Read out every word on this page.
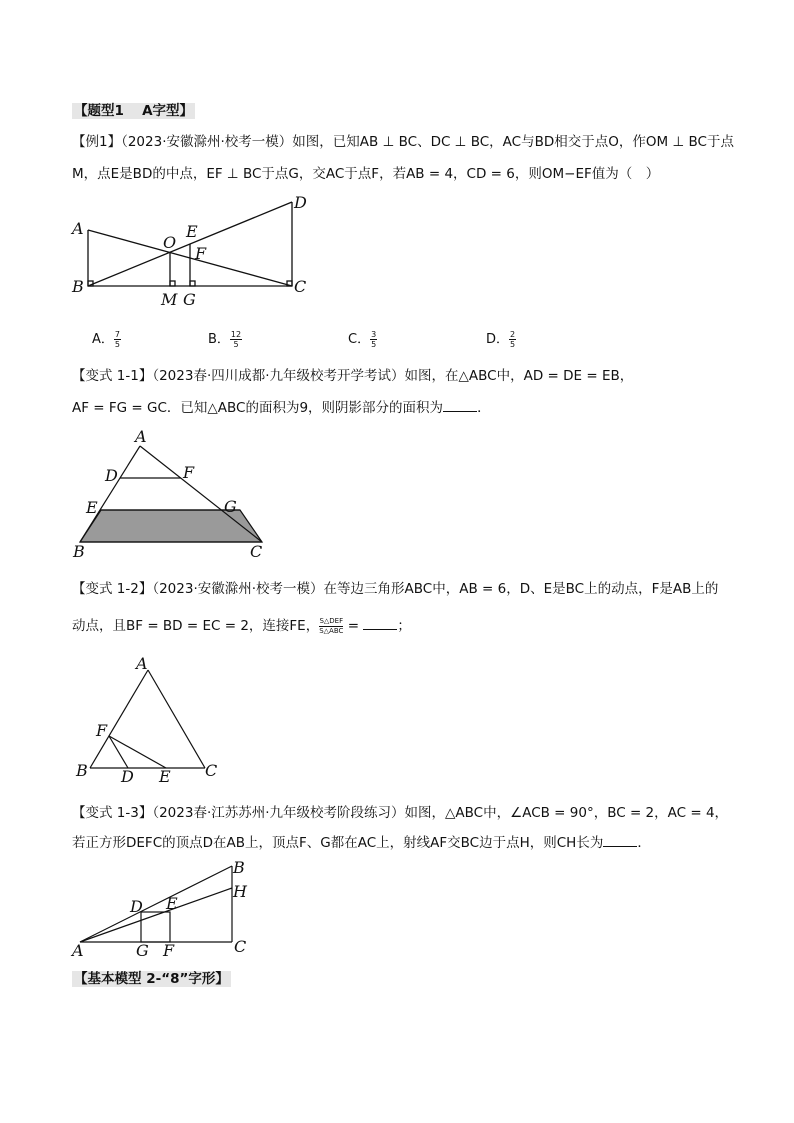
【题型1　 A字型】
【例1】（2023·安徽滁州·校考一模）如图，已知AB ⊥ BC、DC ⊥ BC，AC与BD相交于点O，作OM ⊥ BC于点
M，点E是BD的中点，EF ⊥ BC于点G，交AC于点F，若AB = 4，CD = 6，则OM−EF值为（　）
A
B
O
E
F
M G
C
D
A． $\frac{7}{5}$	B． $\frac{12}{5}$	C． $\frac{3}{5}$	D． $\frac{2}{5}$
【变式 1-1】（2023春·四川成都·九年级校考开学考试）如图，在△ABC中，AD = DE = EB，
AF = FG = GC．已知△ABC的面积为9，则阴影部分的面积为	．
A
D	F
E	G
B	C
【变式 1-2】（2023·安徽滁州·校考一模）在等边三角形ABC中，AB = 6，D、E是BC上的动点，F是AB上的
动点，且BF = BD = EC = 2，连接FE， S△DEF
S△ABC =	；
A
F
B D E C
【变式 1-3】（2023春·江苏苏州·九年级校考阶段练习）如图，△ABC中，∠ACB = 90°，BC = 2，AC = 4，
若正方形DEFC的顶点D在AB上，顶点F、G都在AC上，射线AF交BC边于点H，则CH长为	．
B
H
D E
A	G F	C
【基本模型 2-“8”字形】
